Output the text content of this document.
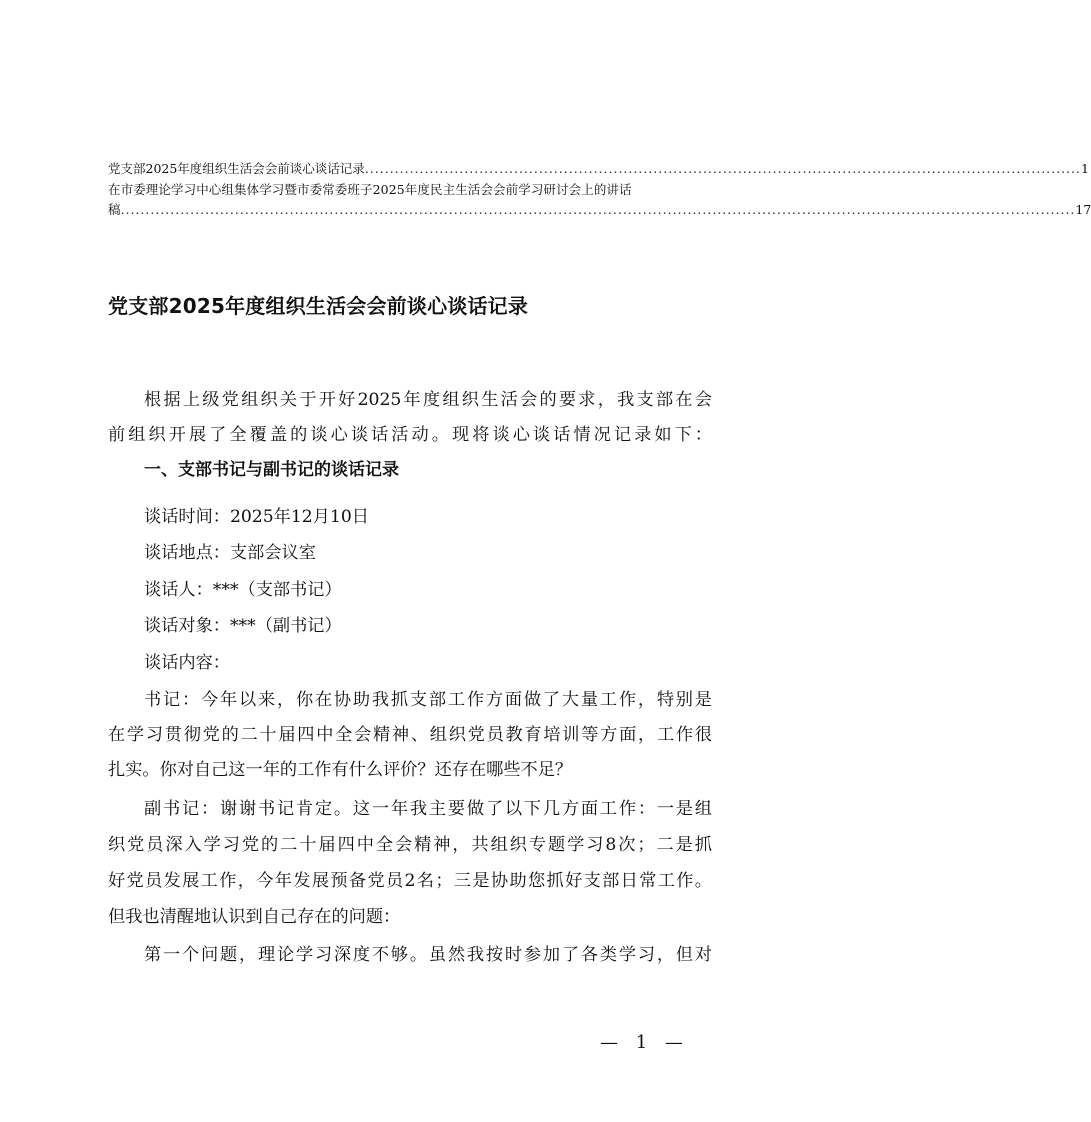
党支部2025年度组织生活会会前谈心谈话记录 ................................................................................................................................................ 1
在市委理论学习中心组集体学习暨市委常委班子2025年度民主生活会会前学习研讨会上的讲话
稿 ................................................................................................................................................................................................ 17
党支部2025年度组织生活会会前谈心谈话记录
根据上级党组织关于开好2025年度组织生活会的要求，我支部在会
前组织开展了全覆盖的谈心谈话活动。现将谈心谈话情况记录如下：
一、支部书记与副书记的谈话记录
谈话时间：2025年12月10日
谈话地点：支部会议室
谈话人：***（支部书记）
谈话对象：***（副书记）
谈话内容：
书记：今年以来，你在协助我抓支部工作方面做了大量工作，特别是
在学习贯彻党的二十届四中全会精神、组织党员教育培训等方面，工作很
扎实。你对自己这一年的工作有什么评价？还存在哪些不足？
副书记：谢谢书记肯定。这一年我主要做了以下几方面工作：一是组
织党员深入学习党的二十届四中全会精神，共组织专题学习8次；二是抓
好党员发展工作，今年发展预备党员2名；三是协助您抓好支部日常工作。
但我也清醒地认识到自己存在的问题：
第一个问题，理论学习深度不够。虽然我按时参加了各类学习，但对
— 1 —
